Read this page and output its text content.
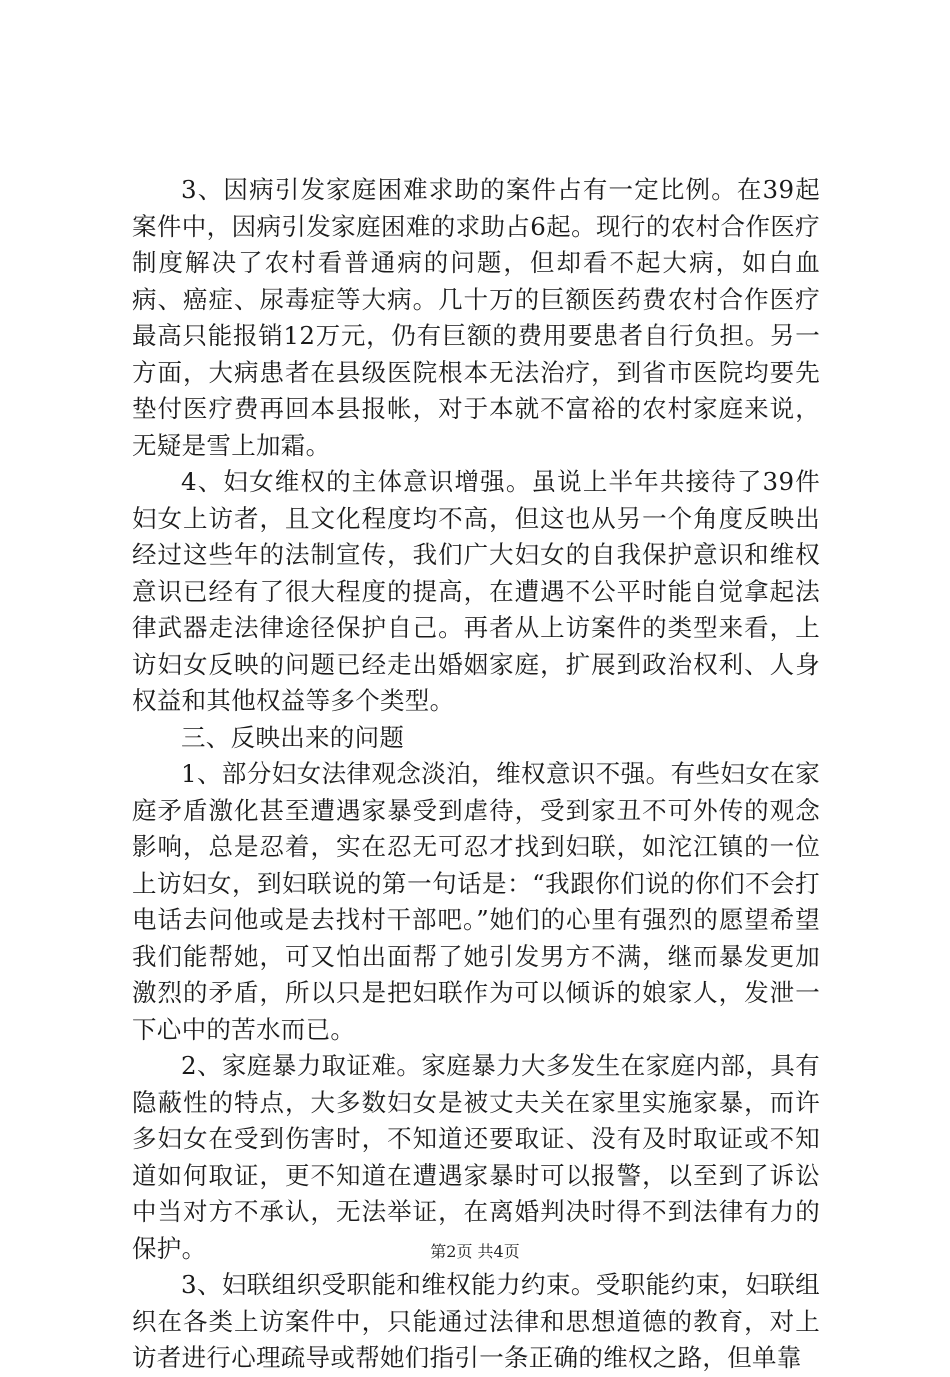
3、因病引发家庭困难求助的案件占有一定比例。在39起案件中，因病引发家庭困难的求助占6起。现行的农村合作医疗制度解决了农村看普通病的问题，但却看不起大病，如白血病、癌症、尿毒症等大病。几十万的巨额医药费农村合作医疗最高只能报销12万元，仍有巨额的费用要患者自行负担。另一方面，大病患者在县级医院根本无法治疗，到省市医院均要先垫付医疗费再回本县报帐，对于本就不富裕的农村家庭来说，无疑是雪上加霜。

4、妇女维权的主体意识增强。虽说上半年共接待了39件妇女上访者，且文化程度均不高，但这也从另一个角度反映出经过这些年的法制宣传，我们广大妇女的自我保护意识和维权意识已经有了很大程度的提高，在遭遇不公平时能自觉拿起法律武器走法律途径保护自己。再者从上访案件的类型来看，上访妇女反映的问题已经走出婚姻家庭，扩展到政治权利、人身权益和其他权益等多个类型。

三、反映出来的问题

1、部分妇女法律观念淡泊，维权意识不强。有些妇女在家庭矛盾激化甚至遭遇家暴受到虐待，受到家丑不可外传的观念影响，总是忍着，实在忍无可忍才找到妇联，如沱江镇的一位上访妇女，到妇联说的第一句话是：“我跟你们说的你们不会打电话去问他或是去找村干部吧。”她们的心里有强烈的愿望希望我们能帮她，可又怕出面帮了她引发男方不满，继而暴发更加激烈的矛盾，所以只是把妇联作为可以倾诉的娘家人，发泄一下心中的苦水而已。

2、家庭暴力取证难。家庭暴力大多发生在家庭内部，具有隐蔽性的特点，大多数妇女是被丈夫关在家里实施家暴，而许多妇女在受到伤害时，不知道还要取证、没有及时取证或不知道如何取证，更不知道在遭遇家暴时可以报警，以至到了诉讼中当对方不承认，无法举证，在离婚判决时得不到法律有力的保护。

3、妇联组织受职能和维权能力约束。受职能约束，妇联组织在各类上访案件中，只能通过法律和思想道德的教育，对上访者进行心理疏导或帮她们指引一条正确的维权之路，但单靠

第2页 共4页
